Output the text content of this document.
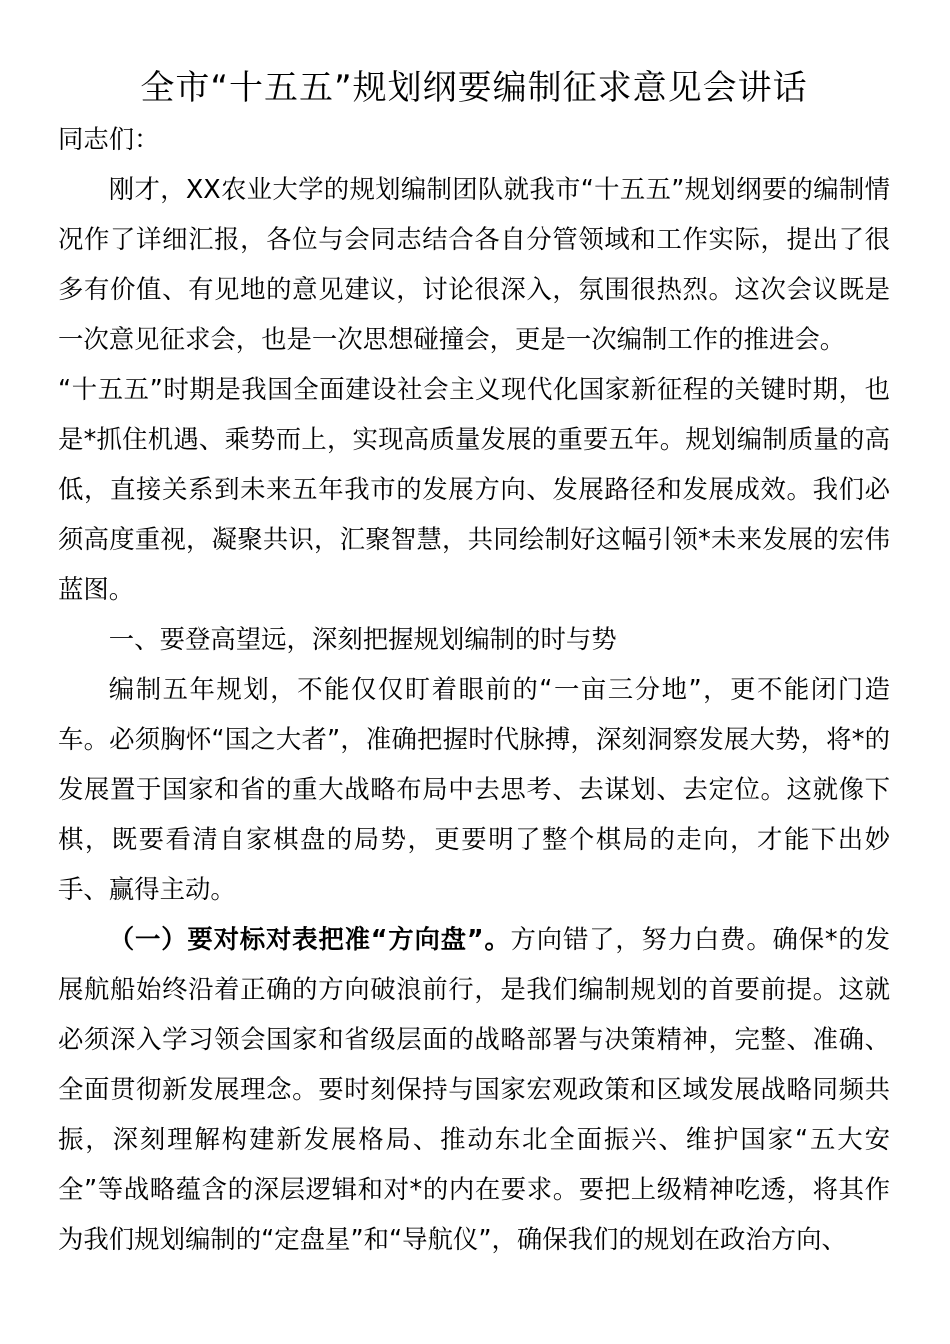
全市“十五五”规划纲要编制征求意见会讲话

同志们：

刚才，XX农业大学的规划编制团队就我市“十五五”规划纲要的编制情况作了详细汇报，各位与会同志结合各自分管领域和工作实际，提出了很多有价值、有见地的意见建议，讨论很深入，氛围很热烈。这次会议既是一次意见征求会，也是一次思想碰撞会，更是一次编制工作的推进会。

“十五五”时期是我国全面建设社会主义现代化国家新征程的关键时期，也是*抓住机遇、乘势而上，实现高质量发展的重要五年。规划编制质量的高低，直接关系到未来五年我市的发展方向、发展路径和发展成效。我们必须高度重视，凝聚共识，汇聚智慧，共同绘制好这幅引领*未来发展的宏伟蓝图。

一、要登高望远，深刻把握规划编制的时与势

编制五年规划，不能仅仅盯着眼前的“一亩三分地”，更不能闭门造车。必须胸怀“国之大者”，准确把握时代脉搏，深刻洞察发展大势，将*的发展置于国家和省的重大战略布局中去思考、去谋划、去定位。这就像下棋，既要看清自家棋盘的局势，更要明了整个棋局的走向，才能下出妙手、赢得主动。

（一）要对标对表把准“方向盘”。方向错了，努力白费。确保*的发展航船始终沿着正确的方向破浪前行，是我们编制规划的首要前提。这就必须深入学习领会国家和省级层面的战略部署与决策精神，完整、准确、全面贯彻新发展理念。要时刻保持与国家宏观政策和区域发展战略同频共振，深刻理解构建新发展格局、推动东北全面振兴、维护国家“五大安全”等战略蕴含的深层逻辑和对*的内在要求。要把上级精神吃透，将其作为我们规划编制的“定盘星”和“导航仪”，确保我们的规划在政治方向、
